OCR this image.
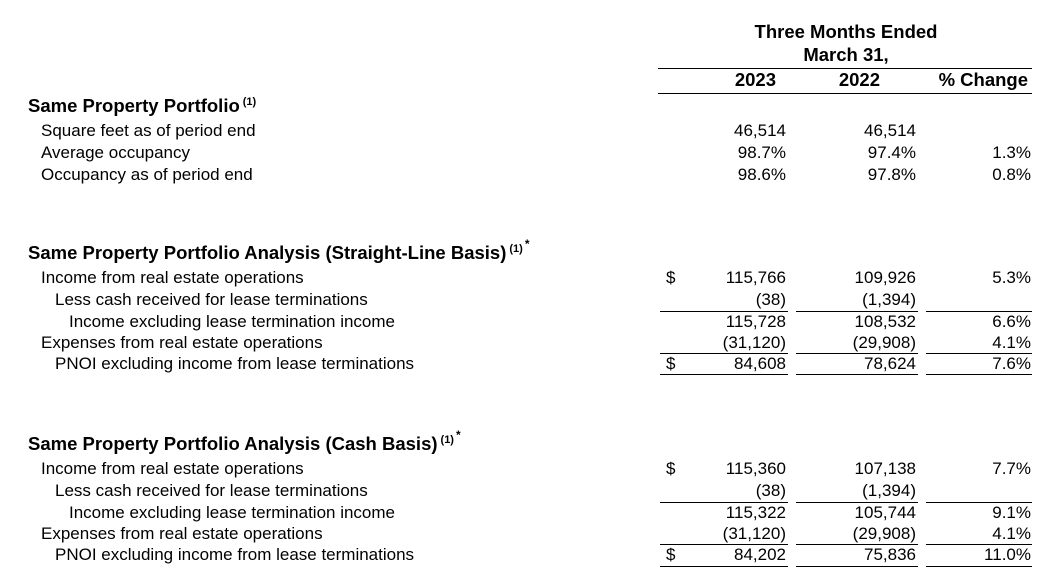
Three Months Ended
March 31,
2023	2022	% Change
Same Property Portfolio $^{(1)}$
Same Property Portfolio Analysis (Straight-Line Basis) $^{(1)}$ *
Same Property Portfolio Analysis (Cash Basis) $^{(1)}$ *
Square feet as of period end	46,514	46,514
Average occupancy	98.7%	97.4%	1.3%
Occupancy as of period end	98.6%	97.8%	0.8%
Income from real estate operations	$	115,766	109,926	5.3%
Less cash received for lease terminations	(38)	(1,394)
Income excluding lease termination income	115,728	108,532	6.6%
Expenses from real estate operations	(31,120)	(29,908)	4.1%
PNOI excluding income from lease terminations	$	84,608	78,624	7.6%
Income from real estate operations	$	115,360	107,138	7.7%
Less cash received for lease terminations	(38)	(1,394)
Income excluding lease termination income	115,322	105,744	9.1%
Expenses from real estate operations	(31,120)	(29,908)	4.1%
PNOI excluding income from lease terminations	$	84,202	75,836	11.0%
